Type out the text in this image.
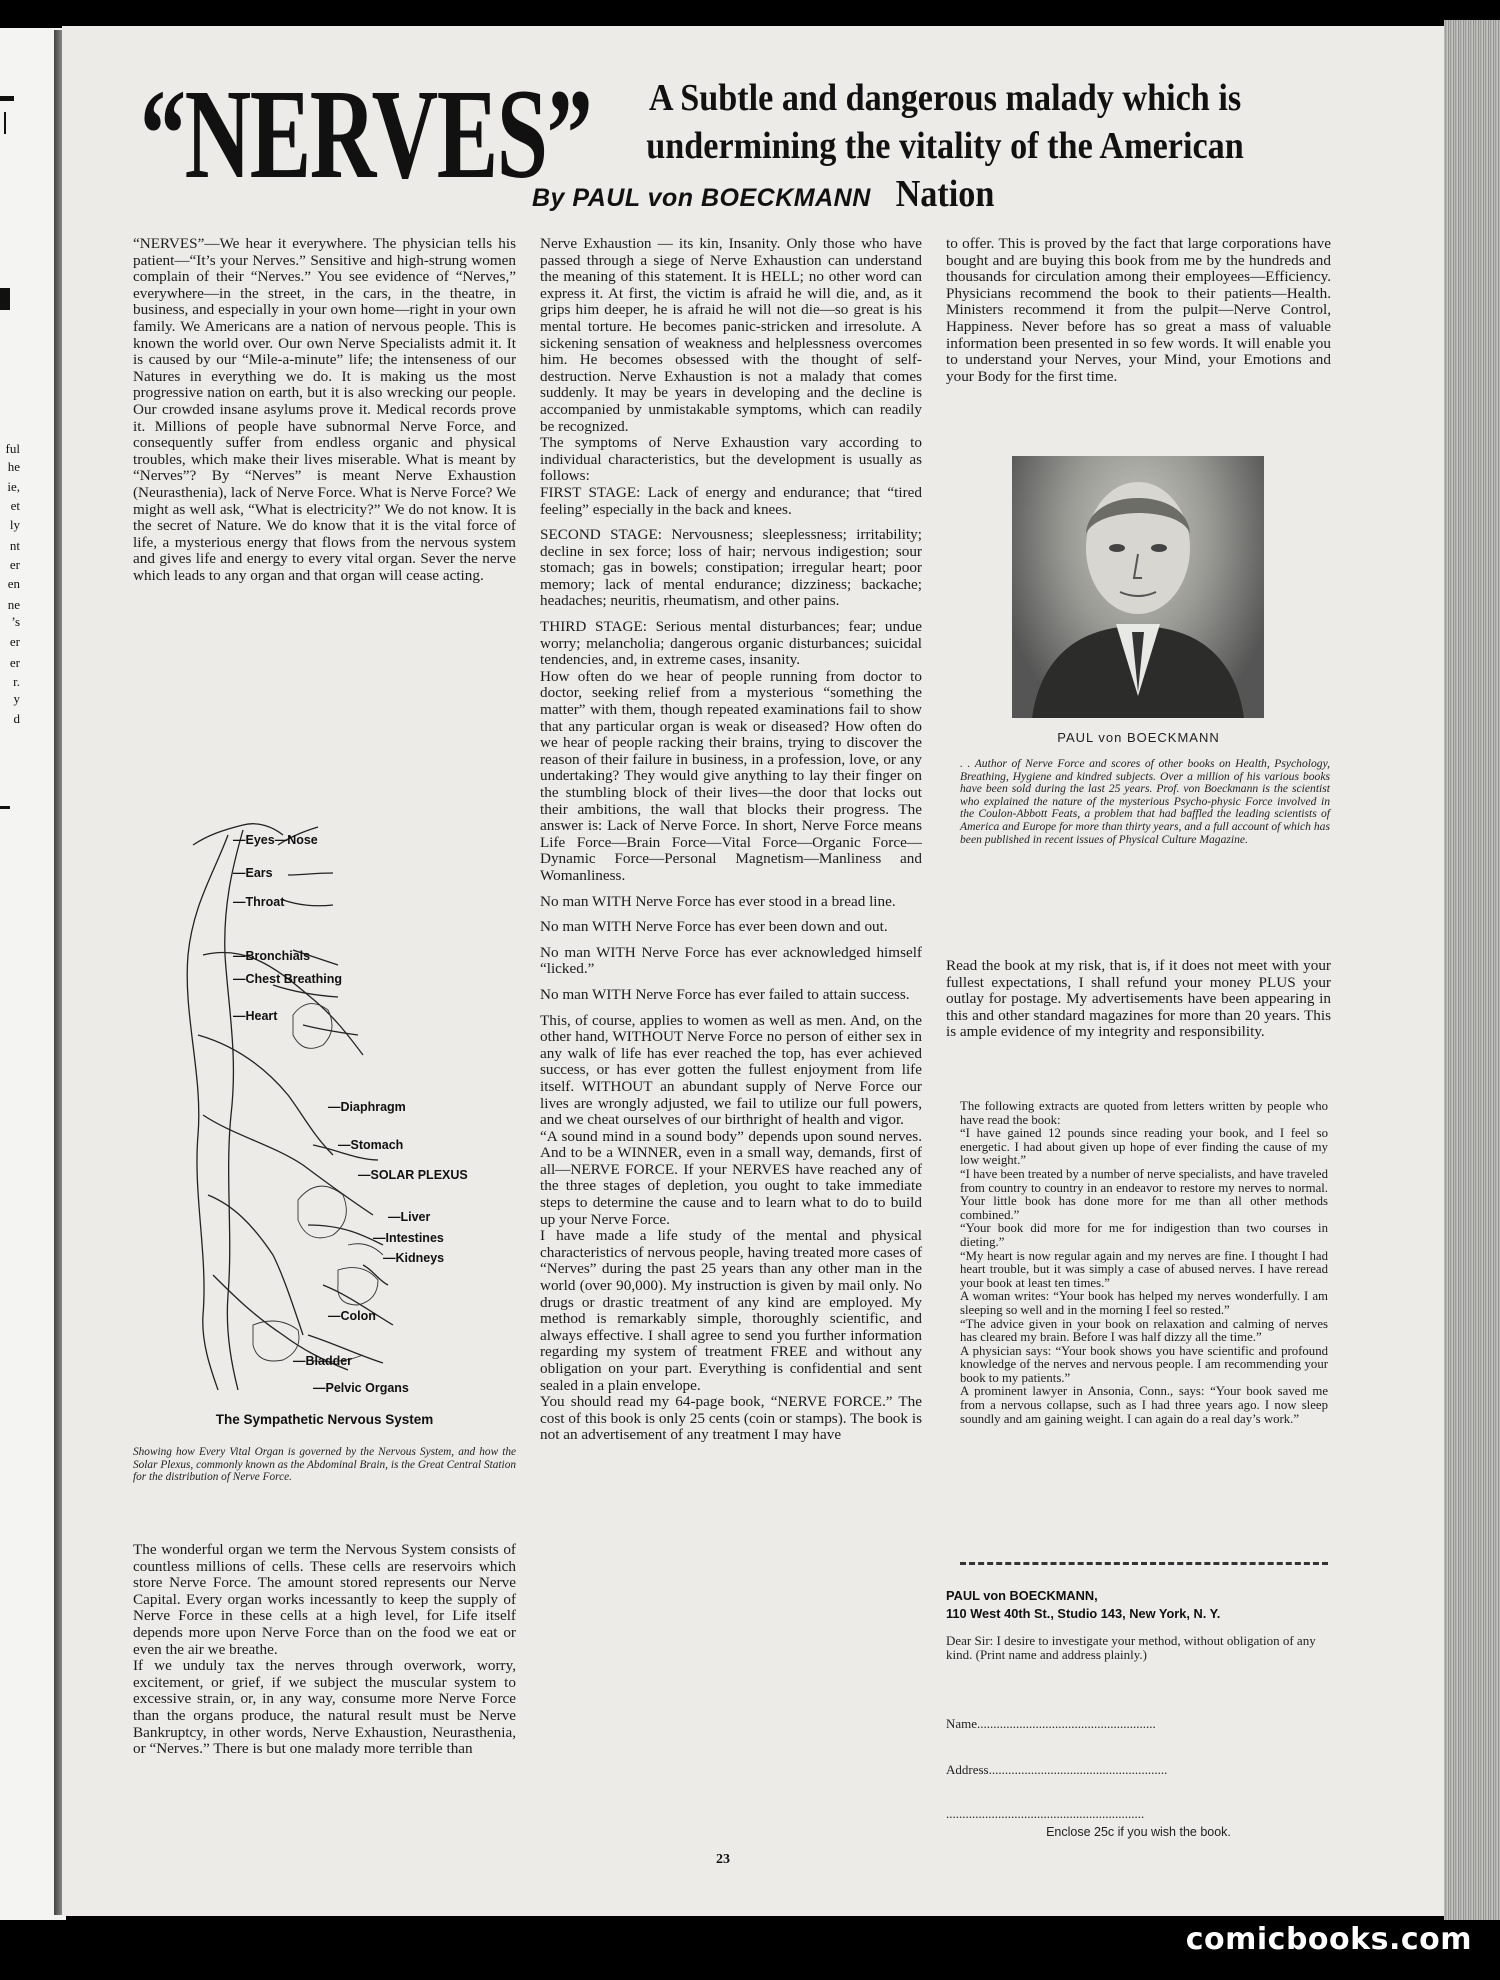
ful
he
ie,
et
ly
nt
er
en
ne
’s
er
er
r.
y
d
“NERVES”	A Subtle and dangerous malady which is undermining the vitality of the American Nation
By PAUL von BOECKMANN

“NERVES”—We hear it everywhere. The physician tells his patient—“It’s your Nerves.” Sensitive and high-strung women complain of their “Nerves.” You see evidence of “Nerves,” everywhere—in the street, in the cars, in the theatre, in business, and especially in your own home—right in your own family. We Americans are a nation of nervous people. This is known the world over. Our own Nerve Specialists admit it. It is caused by our “Mile-a-minute” life; the intenseness of our Natures in everything we do. It is making us the most progressive nation on earth, but it is also wrecking our people. Our crowded insane asylums prove it. Medical records prove it. Millions of people have subnormal Nerve Force, and consequently suffer from endless organic and physical troubles, which make their lives miserable. What is meant by “Nerves”? By “Nerves” is meant Nerve Exhaustion (Neurasthenia), lack of Nerve Force. What is Nerve Force? We might as well ask, “What is electricity?” We do not know. It is the secret of Nature. We do know that it is the vital force of life, a mysterious energy that flows from the nervous system and gives life and energy to every vital organ. Sever the nerve which leads to any organ and that organ will cease acting.

—Eyes—Nose
—Ears
—Throat
—Bronchials
—Chest Breathing
—Heart
—Diaphragm
—Stomach
—SOLAR PLEXUS
—Liver
—Intestines
—Kidneys
—Colon
—Bladder
—Pelvic Organs
The Sympathetic Nervous System
Showing how Every Vital Organ is governed by the Nervous System, and how the Solar Plexus, commonly known as the Abdominal Brain, is the Great Central Station for the distribution of Nerve Force.

The wonderful organ we term the Nervous System consists of countless millions of cells. These cells are reservoirs which store Nerve Force. The amount stored represents our Nerve Capital. Every organ works incessantly to keep the supply of Nerve Force in these cells at a high level, for Life itself depends more upon Nerve Force than on the food we eat or even the air we breathe.

If we unduly tax the nerves through overwork, worry, excitement, or grief, if we subject the muscular system to excessive strain, or, in any way, consume more Nerve Force than the organs produce, the natural result must be Nerve Bankruptcy, in other words, Nerve Exhaustion, Neurasthenia, or “Nerves.” There is but one malady more terrible than

Nerve Exhaustion — its kin, Insanity. Only those who have passed through a siege of Nerve Exhaustion can understand the meaning of this statement. It is HELL; no other word can express it. At first, the victim is afraid he will die, and, as it grips him deeper, he is afraid he will not die—so great is his mental torture. He becomes panic-stricken and irresolute. A sickening sensation of weakness and helplessness overcomes him. He becomes obsessed with the thought of self-destruction. Nerve Exhaustion is not a malady that comes suddenly. It may be years in developing and the decline is accompanied by unmistakable symptoms, which can readily be recognized.

The symptoms of Nerve Exhaustion vary according to individual characteristics, but the development is usually as follows:

FIRST STAGE: Lack of energy and endurance; that “tired feeling” especially in the back and knees.

SECOND STAGE: Nervousness; sleeplessness; irritability; decline in sex force; loss of hair; nervous indigestion; sour stomach; gas in bowels; constipation; irregular heart; poor memory; lack of mental endurance; dizziness; backache; headaches; neuritis, rheumatism, and other pains.

THIRD STAGE: Serious mental disturbances; fear; undue worry; melancholia; dangerous organic disturbances; suicidal tendencies, and, in extreme cases, insanity.

How often do we hear of people running from doctor to doctor, seeking relief from a mysterious “something the matter” with them, though repeated examinations fail to show that any particular organ is weak or diseased? How often do we hear of people racking their brains, trying to discover the reason of their failure in business, in a profession, love, or any undertaking? They would give anything to lay their finger on the stumbling block of their lives—the door that locks out their ambitions, the wall that blocks their progress. The answer is: Lack of Nerve Force. In short, Nerve Force means Life Force—Brain Force—Vital Force—Organic Force—Dynamic Force—Personal Magnetism—Manliness and Womanliness.

No man WITH Nerve Force has ever stood in a bread line.

No man WITH Nerve Force has ever been down and out.

No man WITH Nerve Force has ever acknowledged himself “licked.”

No man WITH Nerve Force has ever failed to attain success.

This, of course, applies to women as well as men. And, on the other hand, WITHOUT Nerve Force no person of either sex in any walk of life has ever reached the top, has ever achieved success, or has ever gotten the fullest enjoyment from life itself. WITHOUT an abundant supply of Nerve Force our lives are wrongly adjusted, we fail to utilize our full powers, and we cheat ourselves of our birthright of health and vigor.

“A sound mind in a sound body” depends upon sound nerves. And to be a WINNER, even in a small way, demands, first of all—NERVE FORCE. If your NERVES have reached any of the three stages of depletion, you ought to take immediate steps to determine the cause and to learn what to do to build up your Nerve Force.

I have made a life study of the mental and physical characteristics of nervous people, having treated more cases of “Nerves” during the past 25 years than any other man in the world (over 90,000). My instruction is given by mail only. No drugs or drastic treatment of any kind are employed. My method is remarkably simple, thoroughly scientific, and always effective. I shall agree to send you further information regarding my system of treatment FREE and without any obligation on your part. Everything is confidential and sent sealed in a plain envelope.

You should read my 64-page book, “NERVE FORCE.” The cost of this book is only 25 cents (coin or stamps). The book is not an advertisement of any treatment I may have

to offer. This is proved by the fact that large corporations have bought and are buying this book from me by the hundreds and thousands for circulation among their employees—Efficiency. Physicians recommend the book to their patients—Health. Ministers recommend it from the pulpit—Nerve Control, Happiness. Never before has so great a mass of valuable information been presented in so few words. It will enable you to understand your Nerves, your Mind, your Emotions and your Body for the first time.

PAUL von BOECKMANN
. . Author of Nerve Force and scores of other books on Health, Psychology, Breathing, Hygiene and kindred subjects. Over a million of his various books have been sold during the last 25 years. Prof. von Boeckmann is the scientist who explained the nature of the mysterious Psycho-physic Force involved in the Coulon-Abbott Feats, a problem that had baffled the leading scientists of America and Europe for more than thirty years, and a full account of which has been published in recent issues of Physical Culture Magazine.

Read the book at my risk, that is, if it does not meet with your fullest expectations, I shall refund your money PLUS your outlay for postage. My advertisements have been appearing in this and other standard magazines for more than 20 years. This is ample evidence of my integrity and responsibility.

The following extracts are quoted from letters written by people who have read the book:

“I have gained 12 pounds since reading your book, and I feel so energetic. I had about given up hope of ever finding the cause of my low weight.”

“I have been treated by a number of nerve specialists, and have traveled from country to country in an endeavor to restore my nerves to normal. Your little book has done more for me than all other methods combined.”

“Your book did more for me for indigestion than two courses in dieting.”

“My heart is now regular again and my nerves are fine. I thought I had heart trouble, but it was simply a case of abused nerves. I have reread your book at least ten times.”

A woman writes: “Your book has helped my nerves wonderfully. I am sleeping so well and in the morning I feel so rested.”

“The advice given in your book on relaxation and calming of nerves has cleared my brain. Before I was half dizzy all the time.”

A physician says: “Your book shows you have scientific and profound knowledge of the nerves and nervous people. I am recommending your book to my patients.”

A prominent lawyer in Ansonia, Conn., says: “Your book saved me from a nervous collapse, such as I had three years ago. I now sleep soundly and am gaining weight. I can again do a real day’s work.”

PAUL von BOECKMANN,
110 West 40th St., Studio 143, New York, N. Y.
Dear Sir: I desire to investigate your method, without obligation of any kind. (Print name and address plainly.)
Name.......................................................
Address.......................................................
.............................................................
Enclose 25c if you wish the book.
23
comicbooks.com
